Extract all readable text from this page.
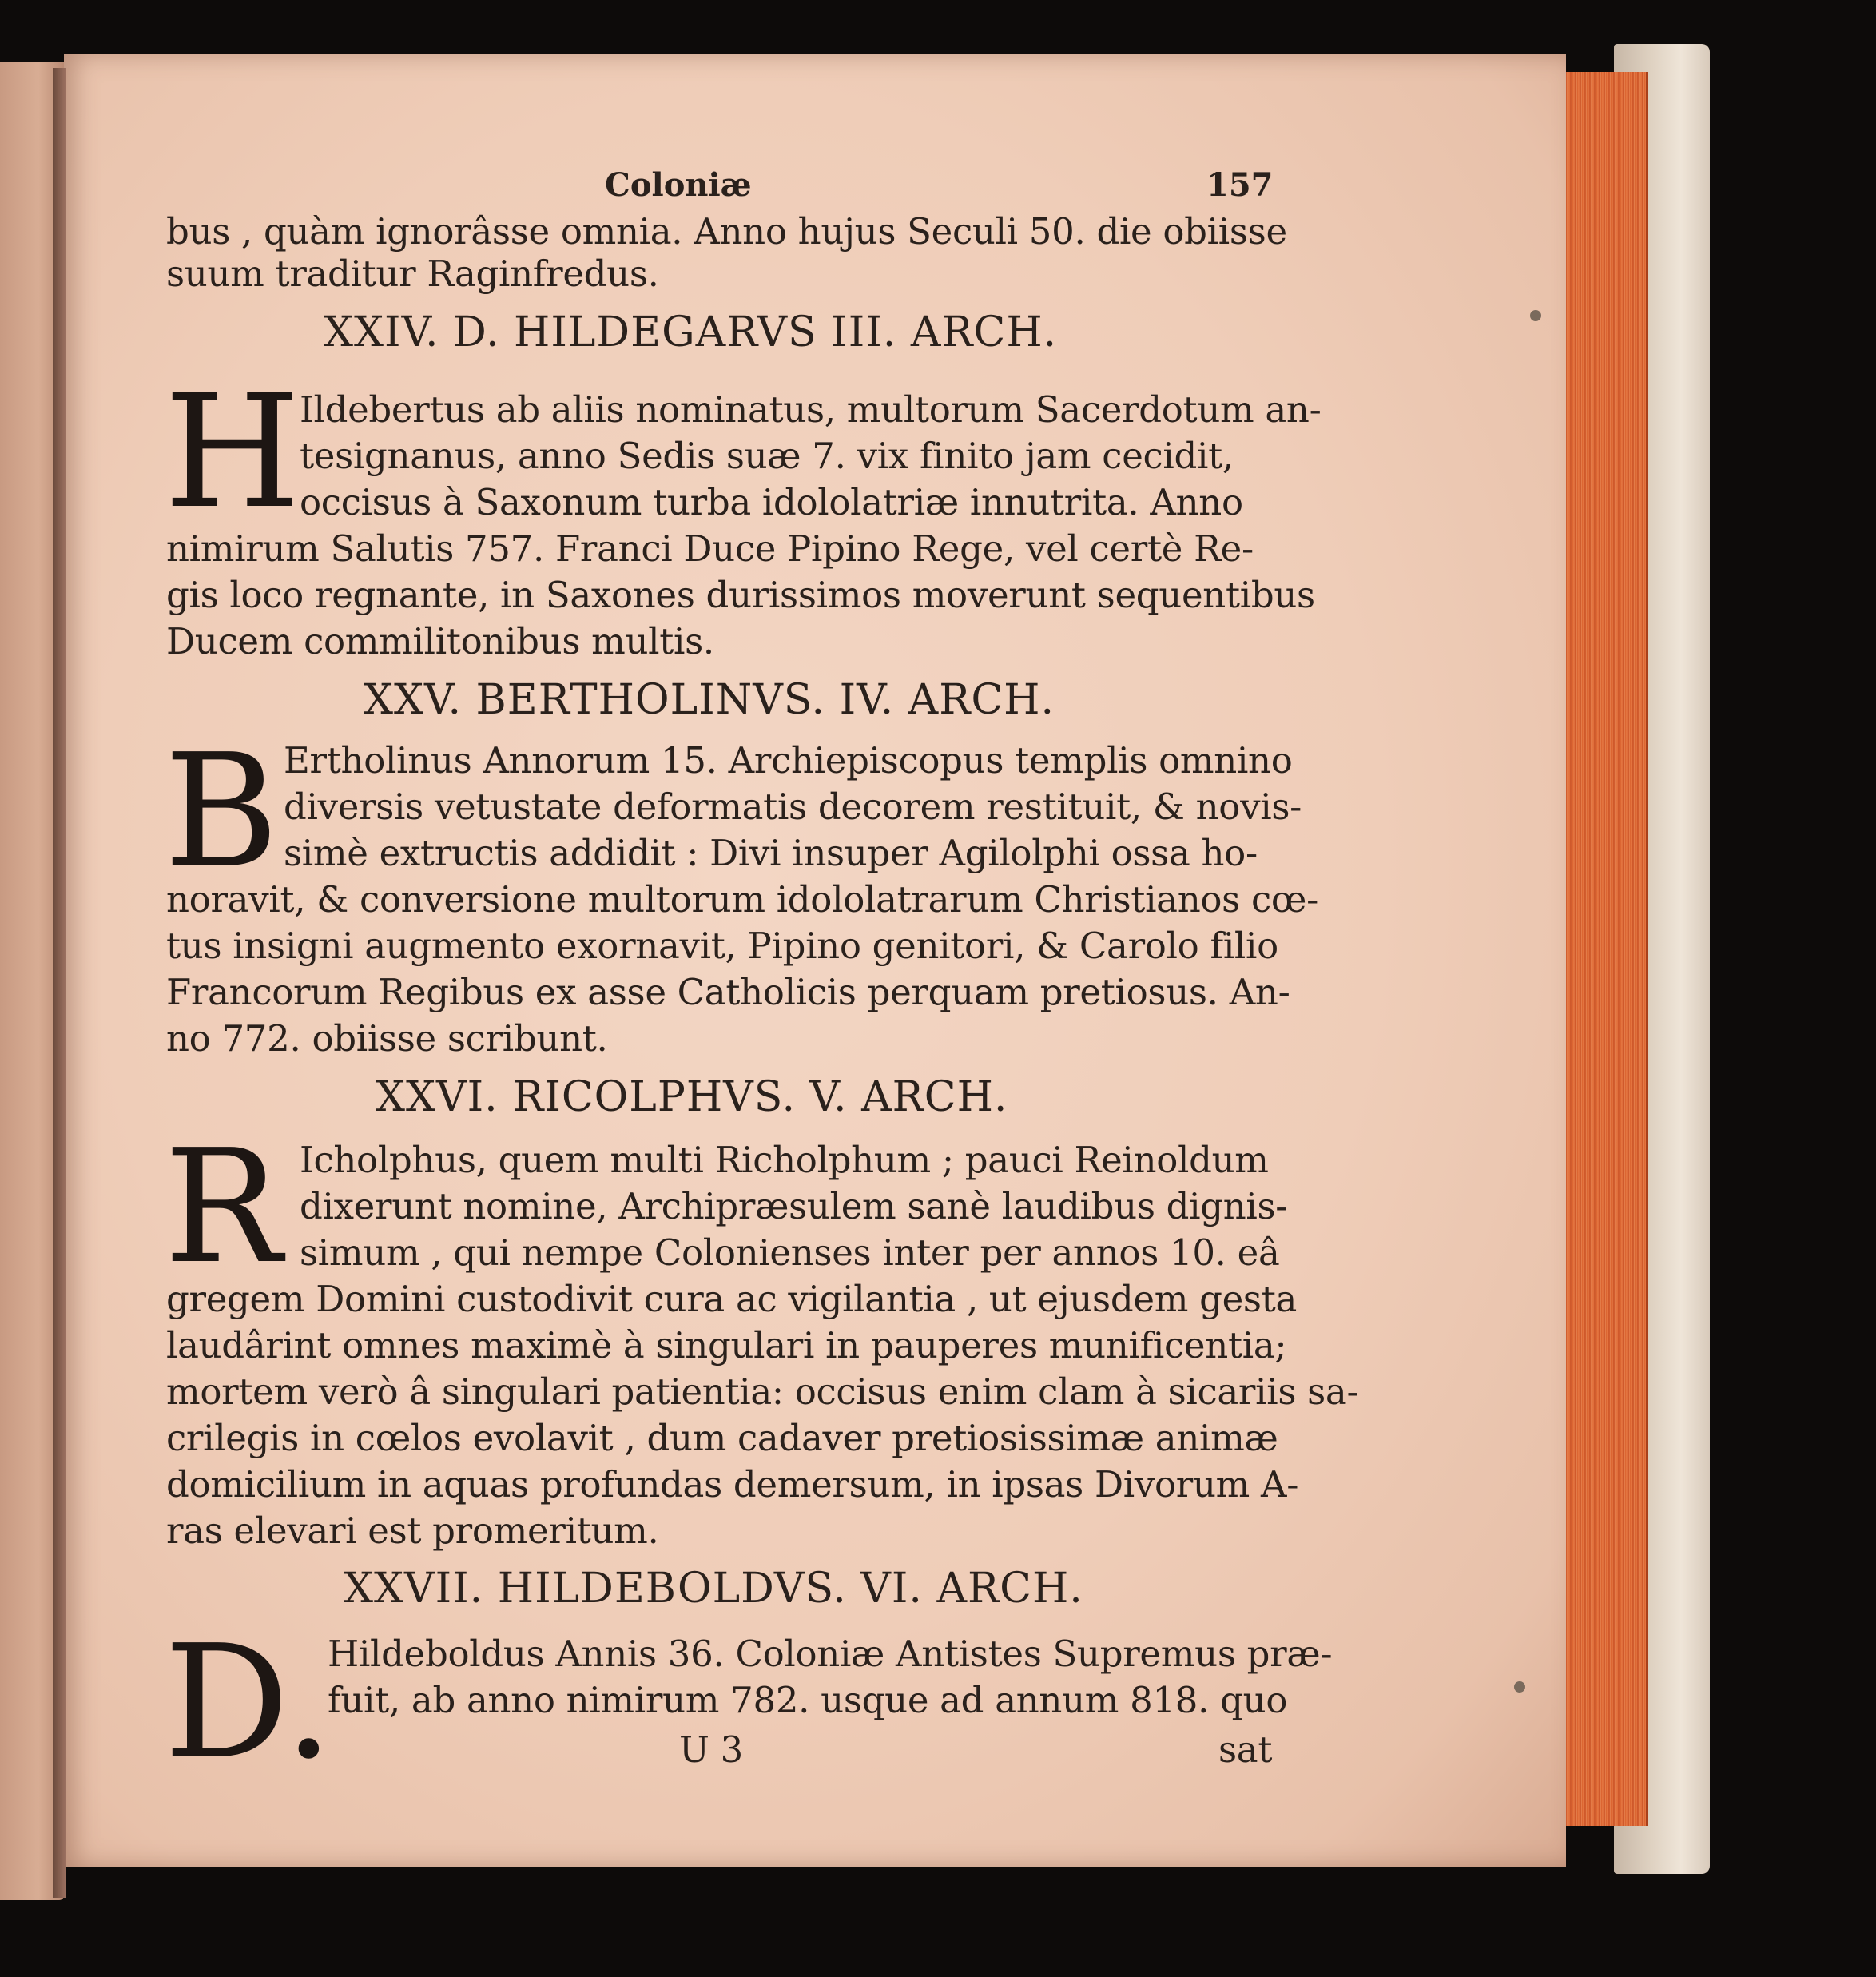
Coloniæ	157
bus , quàm ignorâsse omnia. Anno hujus Seculi 50. die obiisse
suum traditur Raginfredus.
XXIV. D. HILDEGARVS III. ARCH.
H Ildebertus ab aliis nominatus, multorum Sacerdotum an-
tesignanus, anno Sedis suæ 7. vix finito jam cecidit,
occisus à Saxonum turba idololatriæ innutrita. Anno
nimirum Salutis 757. Franci Duce Pipino Rege, vel certè Re-
gis loco regnante, in Saxones durissimos moverunt sequentibus
Ducem commilitonibus multis.
XXV. BERTHOLINVS. IV. ARCH.
B Ertholinus Annorum 15. Archiepiscopus templis omnino
diversis vetustate deformatis decorem restituit, & novis-
simè extructis addidit : Divi insuper Agilolphi ossa ho-
noravit, & conversione multorum idololatrarum Christianos cœ-
tus insigni augmento exornavit, Pipino genitori, & Carolo filio
Francorum Regibus ex asse Catholicis perquam pretiosus. An-
no 772. obiisse scribunt.
XXVI. RICOLPHVS. V. ARCH.
R Icholphus, quem multi Richolphum ; pauci Reinoldum
dixerunt nomine, Archipræsulem sanè laudibus dignis-
simum , qui nempe Colonienses inter per annos 10. eâ
gregem Domini custodivit cura ac vigilantia , ut ejusdem gesta
laudârint omnes maximè à singulari in pauperes munificentia;
mortem verò â singulari patientia: occisus enim clam à sicariis sa-
crilegis in cœlos evolavit , dum cadaver pretiosissimæ animæ
domicilium in aquas profundas demersum, in ipsas Divorum A-
ras elevari est promeritum.
XXVII. HILDEBOLDVS. VI. ARCH.
D.
Hildeboldus Annis 36. Coloniæ Antistes Supremus præ-
fuit, ab anno nimirum 782. usque ad annum 818. quo
U 3	sat
